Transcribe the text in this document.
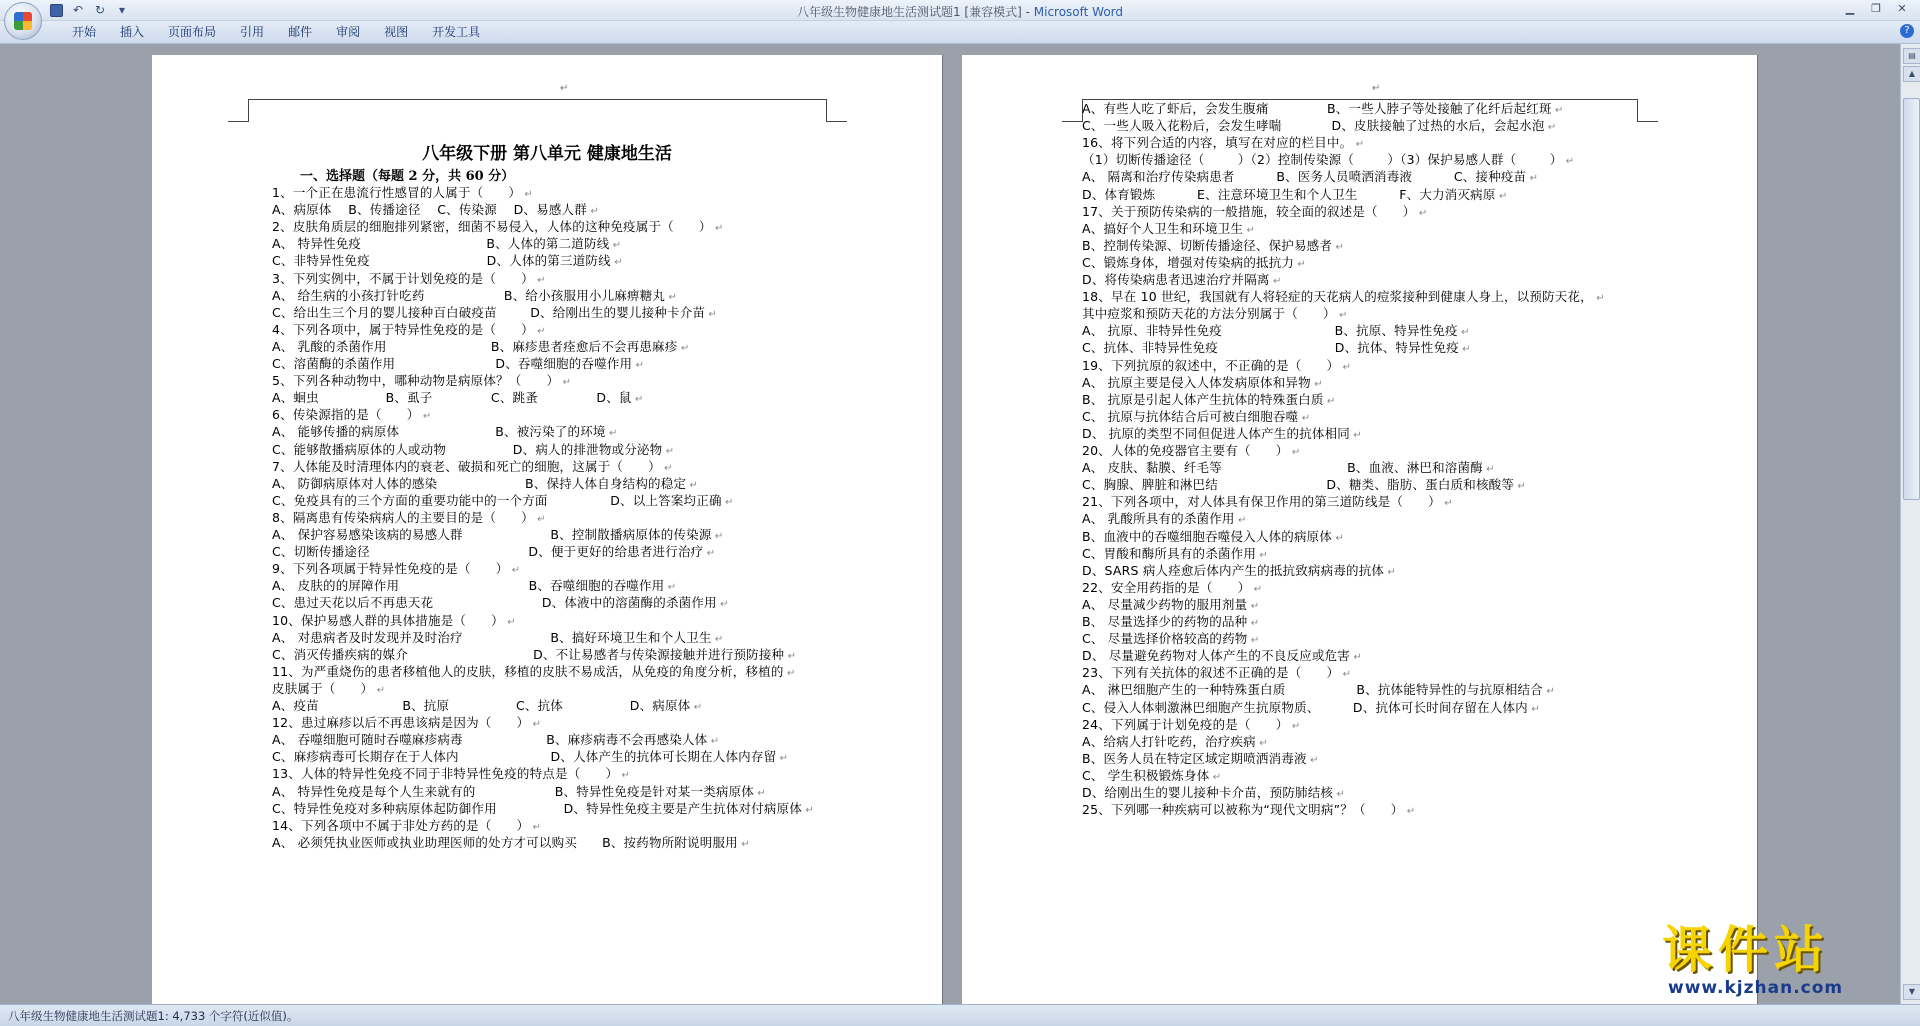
↶ ↻	▾	八年级生物健康地生活测试题1 [兼容模式] - Microsoft Word	▁	❐	✕
开始	插入	页面布局	引用	邮件	审阅	视图	开发工具	?
↵
八年级下册 第八单元 健康地生活
一、选择题（每题 2 分，共 60 分）
1、一个正在患流行性感冒的人属于（      ） ↵
A、病原体    B、传播途径    C、传染源    D、易感人群 ↵
2、皮肤角质层的细胞排列紧密，细菌不易侵入，人体的这种免疫属于（      ） ↵
A、 特异性免疫                              B、人体的第二道防线 ↵
C、非特异性免疫                            D、人体的第三道防线 ↵
3、下列实例中，不属于计划免疫的是（      ） ↵
A、 给生病的小孩打针吃药                   B、给小孩服用小儿麻痹糖丸 ↵
C、给出生三个月的婴儿接种百白破疫苗        D、给刚出生的婴儿接种卡介苗 ↵
4、下列各项中，属于特异性免疫的是（      ） ↵
A、 乳酸的杀菌作用                         B、麻疹患者痊愈后不会再患麻疹 ↵
C、溶菌酶的杀菌作用                        D、吞噬细胞的吞噬作用 ↵
5、下列各种动物中，哪种动物是病原体？（      ） ↵
A、蛔虫                B、虱子              C、跳蚤              D、鼠 ↵
6、传染源指的是（      ） ↵
A、 能够传播的病原体                       B、被污染了的环境 ↵
C、能够散播病原体的人或动物                D、病人的排泄物或分泌物 ↵
7、人体能及时清理体内的衰老、破损和死亡的细胞，这属于（      ） ↵
A、 防御病原体对人体的感染                     B、保持人体自身结构的稳定 ↵
C、免疫具有的三个方面的重要功能中的一个方面               D、以上答案均正确 ↵
8、隔离患有传染病病人的主要目的是（      ） ↵
A、 保护容易感染该病的易感人群                     B、控制散播病原体的传染源 ↵
C、切断传播途径                                      D、便于更好的给患者进行治疗 ↵
9、下列各项属于特异性免疫的是（      ） ↵
A、 皮肤的的屏障作用                               B、吞噬细胞的吞噬作用 ↵
C、患过天花以后不再患天花                          D、体液中的溶菌酶的杀菌作用 ↵
10、保护易感人群的具体措施是（      ） ↵
A、 对患病者及时发现并及时治疗                     B、搞好环境卫生和个人卫生 ↵
C、消灭传播疾病的媒介                              D、不让易感者与传染源接触并进行预防接种 ↵
11、为严重烧伤的患者移植他人的皮肤，移植的皮肤不易成活，从免疫的角度分析，移植的 ↵
皮肤属于（      ） ↵
A、疫苗                    B、抗原                C、抗体                D、病原体 ↵
12、患过麻疹以后不再患该病是因为（      ） ↵
A、 吞噬细胞可随时吞噬麻疹病毒                    B、麻疹病毒不会再感染人体 ↵
C、麻疹病毒可长期存在于人体内                      D、人体产生的抗体可长期在人体内存留 ↵
13、人体的特异性免疫不同于非特异性免疫的特点是（      ） ↵
A、 特异性免疫是每个人生来就有的                   B、特异性免疫是针对某一类病原体 ↵
C、特异性免疫对多种病原体起防御作用                D、特异性免疫主要是产生抗体对付病原体 ↵
14、下列各项中不属于非处方药的是（      ） ↵
A、 必须凭执业医师或执业助理医师的处方才可以购买      B、按药物所附说明服用 ↵
↵
A、有些人吃了虾后，会发生腹痛              B、一些人脖子等处接触了化纤后起红斑 ↵
C、一些人吸入花粉后，会发生哮喘            D、皮肤接触了过热的水后，会起水泡 ↵
16、将下列合适的内容，填写在对应的栏目中。 ↵
（1）切断传播途径（        ）（2）控制传染源（        ）（3）保护易感人群（        ） ↵
A、 隔离和治疗传染病患者          B、医务人员喷洒消毒液          C、接种疫苗 ↵
D、体育锻炼          E、注意环境卫生和个人卫生          F、大力消灭病原 ↵
17、关于预防传染病的一般措施，较全面的叙述是（      ） ↵
A、搞好个人卫生和环境卫生 ↵
B、控制传染源、切断传播途径、保护易感者 ↵
C、锻炼身体，增强对传染病的抵抗力 ↵
D、将传染病患者迅速治疗并隔离 ↵
18、早在 10 世纪，我国就有人将轻症的天花病人的痘浆接种到健康人身上，以预防天花， ↵
其中痘浆和预防天花的方法分别属于（      ） ↵
A、 抗原、非特异性免疫                           B、抗原、特异性免疫 ↵
C、抗体、非特异性免疫                            D、抗体、特异性免疫 ↵
19、下列抗原的叙述中，不正确的是（      ） ↵
A、 抗原主要是侵入人体发病原体和异物 ↵
B、 抗原是引起人体产生抗体的特殊蛋白质 ↵
C、 抗原与抗体结合后可被白细胞吞噬 ↵
D、 抗原的类型不同但促进人体产生的抗体相同 ↵
20、人体的免疫器官主要有（      ） ↵
A、 皮肤、黏膜、纤毛等                              B、血液、淋巴和溶菌酶 ↵
C、胸腺、脾脏和淋巴结                          D、糖类、脂肪、蛋白质和核酸等 ↵
21、下列各项中，对人体具有保卫作用的第三道防线是（      ） ↵
A、 乳酸所具有的杀菌作用 ↵
B、血液中的吞噬细胞吞噬侵入人体的病原体 ↵
C、胃酸和酶所具有的杀菌作用 ↵
D、SARS 病人痊愈后体内产生的抵抗致病病毒的抗体 ↵
22、安全用药指的是（      ） ↵
A、 尽量减少药物的服用剂量 ↵
B、 尽量选择少的药物的品种 ↵
C、 尽量选择价格较高的药物 ↵
D、 尽量避免药物对人体产生的不良反应或危害 ↵
23、下列有关抗体的叙述不正确的是（      ） ↵
A、 淋巴细胞产生的一种特殊蛋白质                 B、抗体能特异性的与抗原相结合 ↵
C、侵入人体刺激淋巴细胞产生抗原物质、        D、抗体可长时间存留在人体内 ↵
24、下列属于计划免疫的是（      ） ↵
A、给病人打针吃药，治疗疾病 ↵
B、医务人员在特定区域定期喷洒消毒液 ↵
C、 学生积极锻炼身体 ↵
D、给刚出生的婴儿接种卡介苗，预防肺结核 ↵
25、下列哪一种疾病可以被称为“现代文明病”？（      ） ↵
▤
▲
▼
八年级生物健康地生活测试题1: 4,733 个字符(近似值)。
课件站
www.kjzhan.com
